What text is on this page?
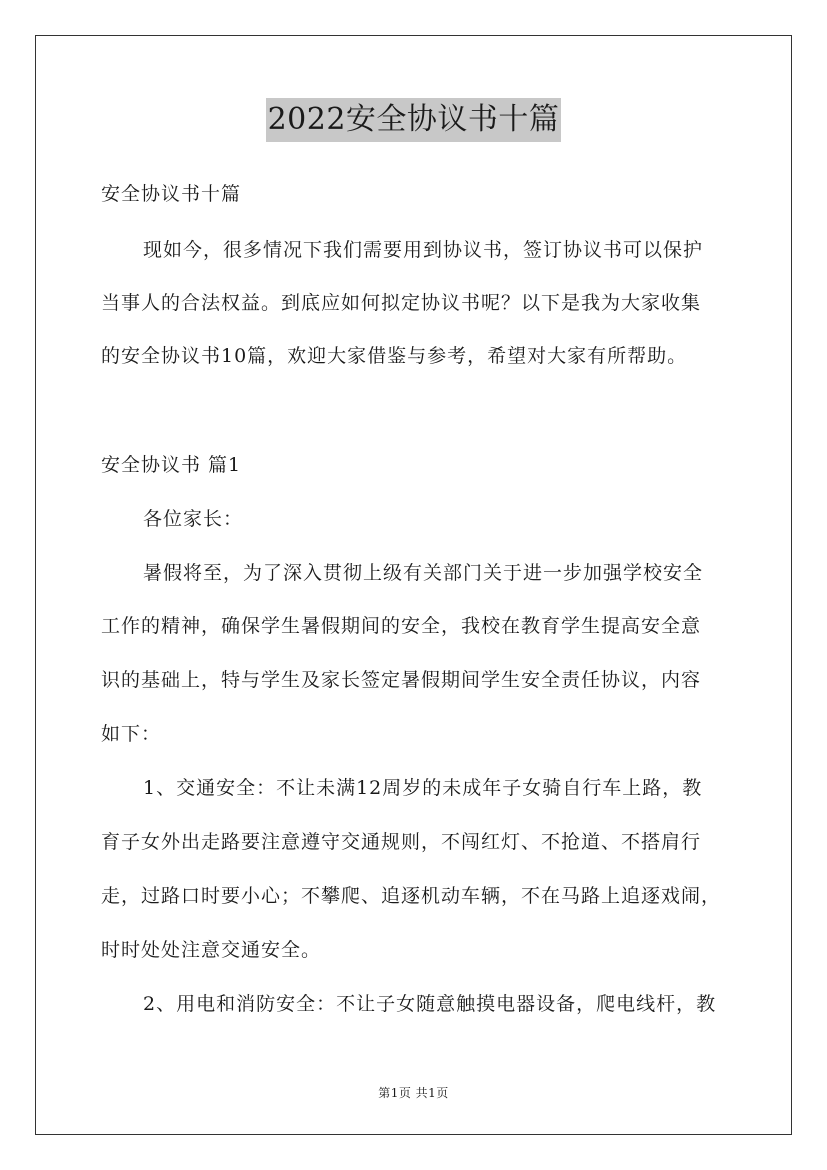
2022安全协议书十篇
安全协议书十篇
现如今，很多情况下我们需要用到协议书，签订协议书可以保护
当事人的合法权益。到底应如何拟定协议书呢？以下是我为大家收集
的安全协议书10篇，欢迎大家借鉴与参考，希望对大家有所帮助。
安全协议书 篇1
各位家长：
暑假将至，为了深入贯彻上级有关部门关于进一步加强学校安全
工作的精神，确保学生暑假期间的安全，我校在教育学生提高安全意
识的基础上，特与学生及家长签定暑假期间学生安全责任协议，内容
如下：
1、交通安全：不让未满12周岁的未成年子女骑自行车上路，教
育子女外出走路要注意遵守交通规则，不闯红灯、不抢道、不搭肩行
走，过路口时要小心；不攀爬、追逐机动车辆，不在马路上追逐戏闹，
时时处处注意交通安全。
2、用电和消防安全：不让子女随意触摸电器设备，爬电线杆，教
第1页 共1页
